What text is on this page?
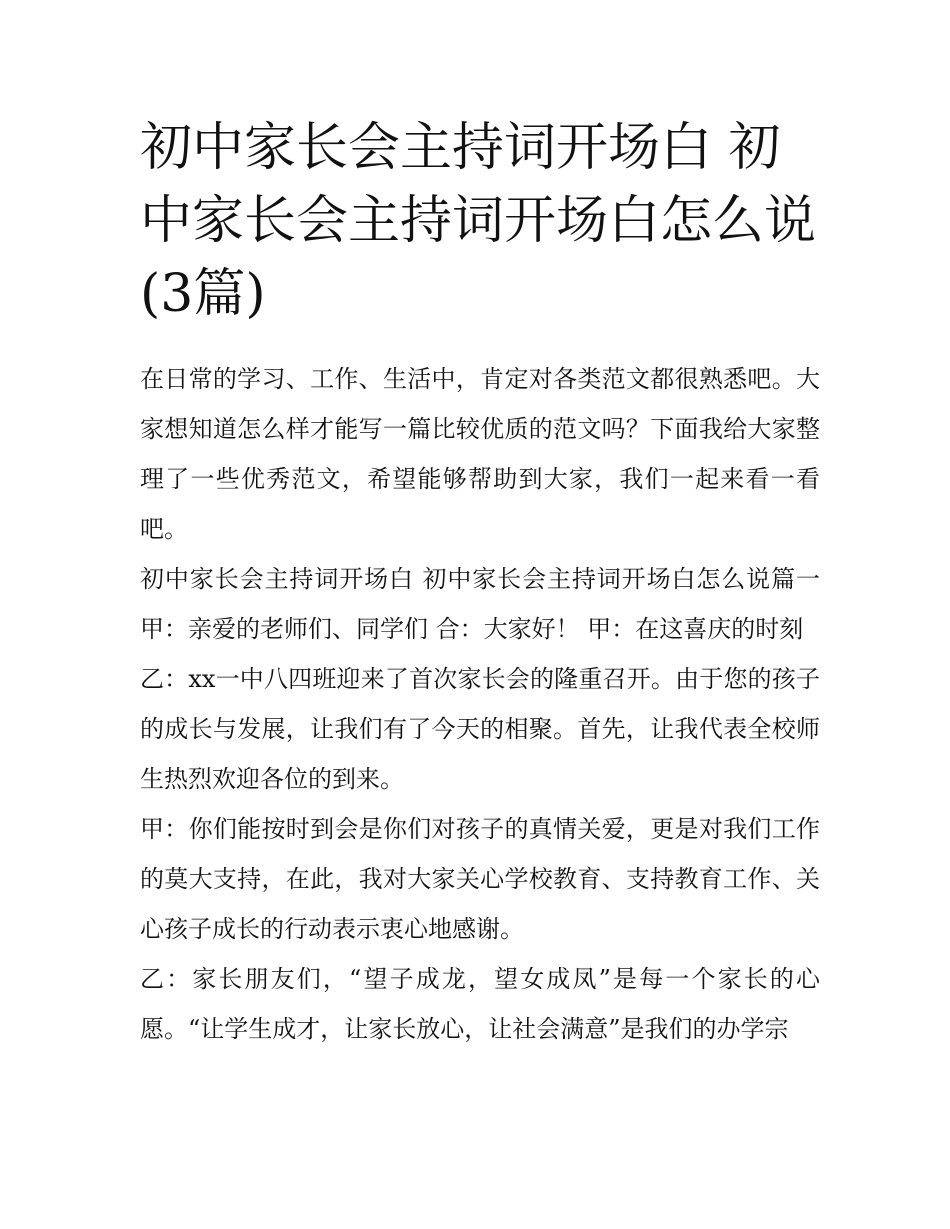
初中家长会主持词开场白 初中家长会主持词开场白怎么说(3篇)

在日常的学习、工作、生活中，肯定对各类范文都很熟悉吧。大家想知道怎么样才能写一篇比较优质的范文吗？下面我给大家整理了一些优秀范文，希望能够帮助到大家，我们一起来看一看吧。

初中家长会主持词开场白 初中家长会主持词开场白怎么说篇一 甲：亲爱的老师们、同学们 合：大家好！ 甲：在这喜庆的时刻

乙：xx一中八四班迎来了首次家长会的隆重召开。由于您的孩子的成长与发展，让我们有了今天的相聚。首先，让我代表全校师生热烈欢迎各位的到来。

甲：你们能按时到会是你们对孩子的真情关爱，更是对我们工作的莫大支持，在此，我对大家关心学校教育、支持教育工作、关心孩子成长的行动表示衷心地感谢。

乙：家长朋友们，“望子成龙，望女成凤”是每一个家长的心愿。“让学生成才，让家长放心，让社会满意”是我们的办学宗
